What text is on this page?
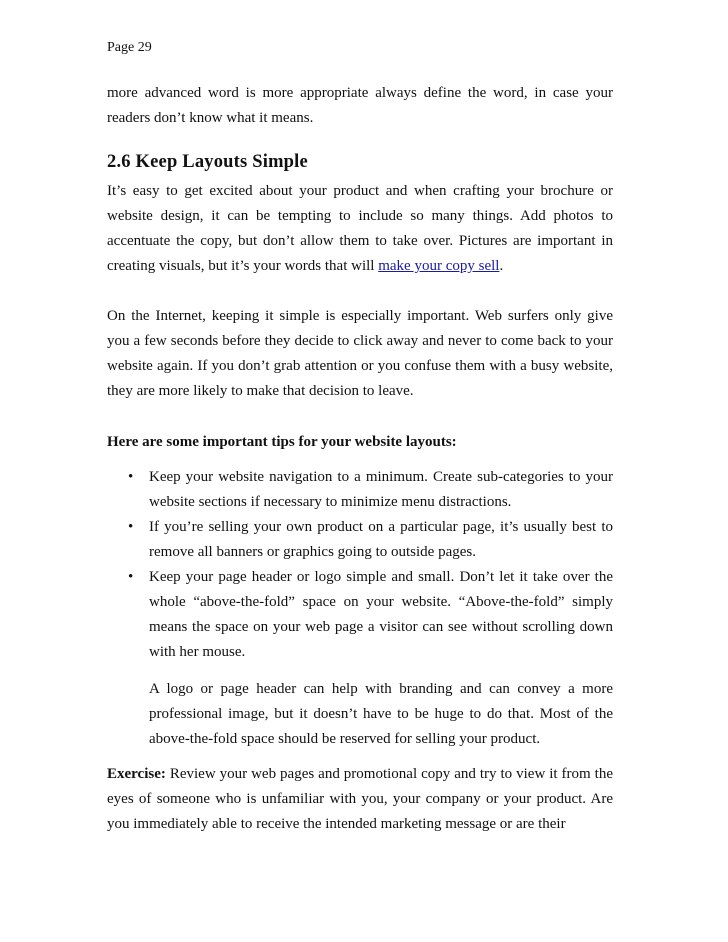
Page 29

more advanced word is more appropriate always define the word, in case your readers don’t know what it means.

2.6 Keep Layouts Simple

It’s easy to get excited about your product and when crafting your brochure or website design, it can be tempting to include so many things. Add photos to accentuate the copy, but don’t allow them to take over. Pictures are important in creating visuals, but it’s your words that will make your copy sell.

On the Internet, keeping it simple is especially important. Web surfers only give you a few seconds before they decide to click away and never to come back to your website again. If you don’t grab attention or you confuse them with a busy website, they are more likely to make that decision to leave.

Here are some important tips for your website layouts:

•	Keep your website navigation to a minimum. Create sub-categories to your website sections if necessary to minimize menu distractions.
•	If you’re selling your own product on a particular page, it’s usually best to remove all banners or graphics going to outside pages.
•	Keep your page header or logo simple and small. Don’t let it take over the whole “above-the-fold” space on your website. “Above-the-fold” simply means the space on your web page a visitor can see without scrolling down with her mouse.

A logo or page header can help with branding and can convey a more professional image, but it doesn’t have to be huge to do that. Most of the above-the-fold space should be reserved for selling your product.

Exercise: Review your web pages and promotional copy and try to view it from the eyes of someone who is unfamiliar with you, your company or your product. Are you immediately able to receive the intended marketing message or are their
